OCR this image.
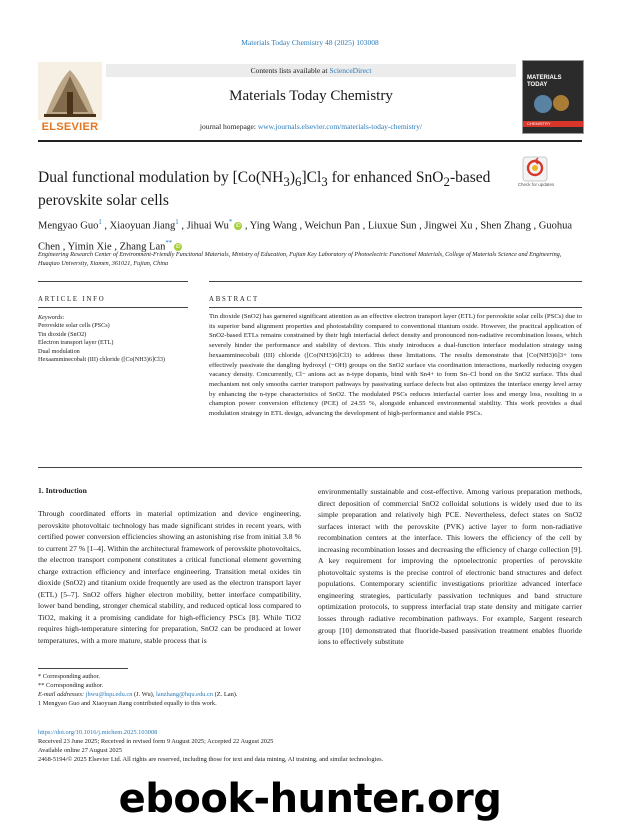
Materials Today Chemistry 48 (2025) 103008
ELSEVIER
Contents lists available at ScienceDirect
Materials Today Chemistry
journal homepage: www.journals.elsevier.com/materials-today-chemistry/
MATERIALS TODAY
CHEMISTRY
Dual functional modulation by $[Co(NH_3)_6]Cl_3$ for enhanced SnO$_2$-based perovskite solar cells
Check for updates
Mengyao Guo$^1$ , Xiaoyuan Jiang$^1$ , Jihuai Wu*iD , Ying Wang , Weichun Pan , Liuxue Sun , Jingwei Xu , Shen Zhang , Guohua Chen , Yimin Xie , Zhang Lan**iD
Engineering Research Center of Environment-Friendly Functional Materials, Ministry of Education, Fujian Key Laboratory of Photoelectric Functional Materials, College of Materials Science and Engineering, Huaqiao University, Xiamen, 361021, Fujian, China
ARTICLE INFO	ABSTRACT
Keywords:
Perovskite solar cells (PSCs)
Tin dioxide (SnO2)
Electron transport layer (ETL)
Dual modulation
Hexaamminecobalt (III) chloride ([Co(NH3)6]Cl3)
Tin dioxide (SnO2) has garnered significant attention as an effective electron transport layer (ETL) for perovskite solar cells (PSCs) due to its superior band alignment properties and photostability compared to conventional titanium oxide. However, the practical application of SnO2-based ETLs remains constrained by their high interfacial defect density and pronounced non-radiative recombination losses, which severely hinder the performance and stability of devices. This study introduces a dual-function interface modulation strategy using hexaamminecobalt (III) chloride ([Co(NH3)6]Cl3) to address these limitations. The results demonstrate that [Co(NH3)6]3+ ions effectively passivate the dangling hydroxyl (−OH) groups on the SnO2 surface via coordination interactions, markedly reducing oxygen vacancy density. Concurrently, Cl− anions act as n-type dopants, bind with Sn4+ to form Sn–Cl bond on the SnO2 surface. This dual mechanism not only smooths carrier transport pathways by passivating surface defects but also optimizes the interface energy level array by enhancing the n-type characteristics of SnO2. The modulated PSCs reduces interfacial carrier loss and energy loss, resulting in a champion power conversion efficiency (PCE) of 24.55 %, alongside enhanced environmental stability. This work provides a dual modulation strategy in ETL design, advancing the development of high-performance and stable PSCs.
1. Introduction
Through coordinated efforts in material optimization and device engineering, perovskite photovoltaic technology has made significant strides in recent years, with certified power conversion efficiencies showing an astonishing rise from initial 3.8 % to current 27 % [1–4]. Within the architectural framework of perovskite photovoltaics, the electron transport component constitutes a critical functional element governing charge extraction efficiency and interface engineering. Transition metal oxides tin dioxide (SnO2) and titanium oxide frequently are used as the electron transport layer (ETL) [5–7]. SnO2 offers higher electron mobility, better interface compatibility, lower band bending, stronger chemical stability, and reduced optical loss compared to TiO2, making it a promising candidate for high-efficiency PSCs [8]. While TiO2 requires high-temperature sintering for preparation, SnO2 can be produced at lower temperatures, with a more mature, stable process that is
environmentally sustainable and cost-effective. Among various preparation methods, direct deposition of commercial SnO2 colloidal solutions is widely used due to its simple preparation and relatively high PCE. Nevertheless, defect states on SnO2 surfaces interact with the perovskite (PVK) active layer to form non-radiative recombination centers at the interface. This lowers the efficiency of the cell by increasing recombination losses and decreasing the efficiency of charge collection [9]. A key requirement for improving the optoelectronic properties of perovskite photovoltaic systems is the precise control of electronic band structures and defect populations. Contemporary scientific investigations prioritize advanced interface engineering strategies, particularly passivation techniques and band structure optimization protocols, to suppress interfacial trap state density and mitigate carrier losses through radiative recombination pathways. For example, Sargent research group [10] demonstrated that fluoride-based passivation treatment enables fluoride ions to effectively substitute
* Corresponding author.
** Corresponding author.
E-mail addresses: jhwu@hqu.edu.cn (J. Wu), lanzhang@hqu.edu.cn (Z. Lan).
1 Mengyao Guo and Xiaoyuan Jiang contributed equally to this work.
https://doi.org/10.1016/j.mtchem.2025.103008
Received 23 June 2025; Received in revised form 9 August 2025; Accepted 22 August 2025
Available online 27 August 2025
2468-5194/© 2025 Elsevier Ltd. All rights are reserved, including those for text and data mining, AI training, and similar technologies.
ebook-hunter.org
